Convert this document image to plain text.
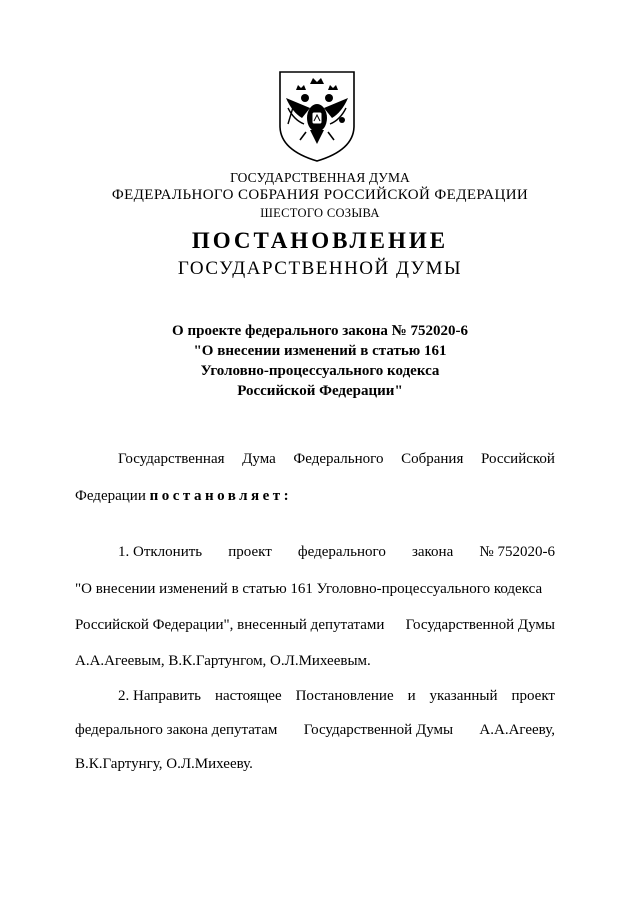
ГОСУДАРСТВЕННАЯ ДУМА
ФЕДЕРАЛЬНОГО СОБРАНИЯ РОССИЙСКОЙ ФЕДЕРАЦИИ
ШЕСТОГО СОЗЫВА
ПОСТАНОВЛЕНИЕ
ГОСУДАРСТВЕННОЙ ДУМЫ
О проекте федерального закона № 752020-6
"О внесении изменений в статью 161
Уголовно-процессуального кодекса
Российской Федерации"
Государственная Дума Федерального Собрания Российской
Федерации постановляет:
1. Отклонить проект федерального закона № 752020-6
"О внесении изменений в статью 161 Уголовно-процессуального кодекса
Российской Федерации", внесенный депутатами Государственной Думы
А.А.Агеевым, В.К.Гартунгом, О.Л.Михеевым.
2. Направить настоящее Постановление и указанный проект
федерального закона депутатам Государственной Думы А.А.Агееву,
В.К.Гартунгу, О.Л.Михееву.
